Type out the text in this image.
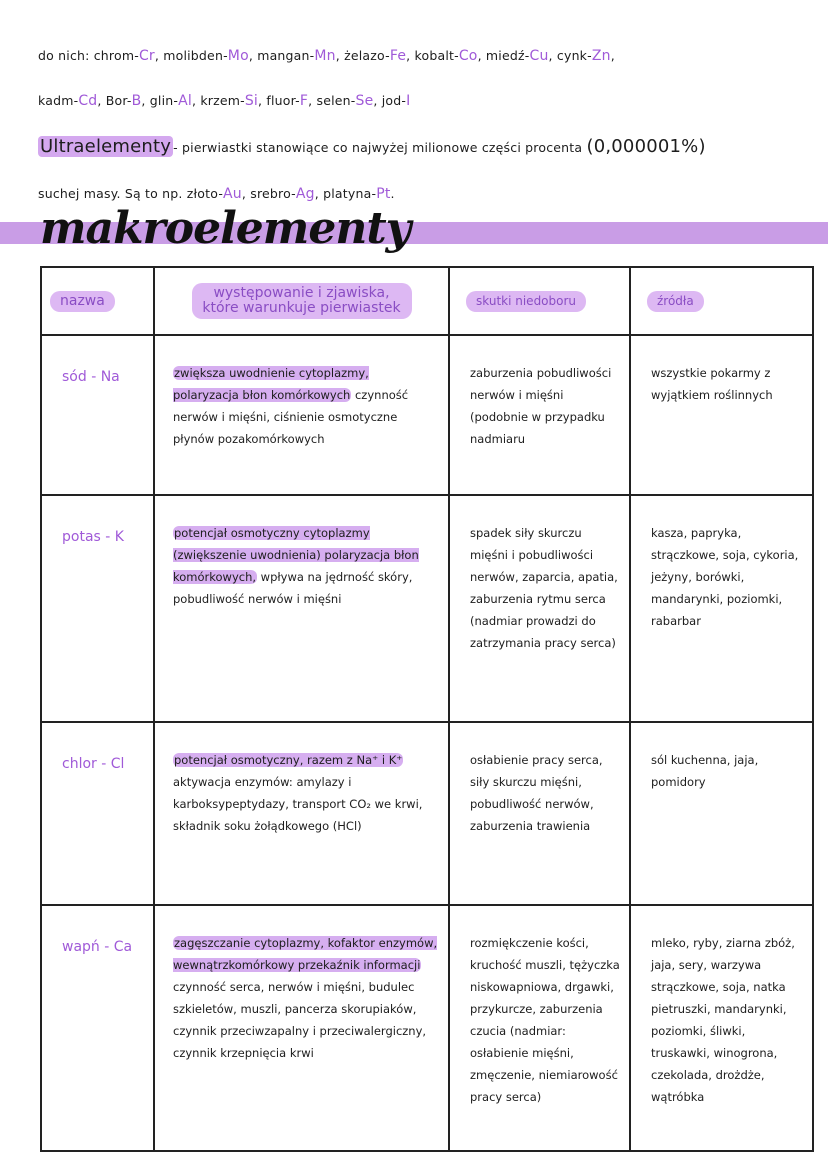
do nich: chrom-Cr, molibden-Mo, mangan-Mn, żelazo-Fe, kobalt-Co, miedź-Cu, cynk-Zn,
kadm-Cd, Bor-B, glin-Al, krzem-Si, fluor-F, selen-Se, jod-I
Ultraelementy - pierwiastki stanowiące co najwyżej milionowe części procenta (0,000001%)
suchej masy. Są to np. złoto-Au, srebro-Ag, platyna-Pt.
makroelementy
nazwa	występowanie i zjawiska, które warunkuje pierwiastek	skutki niedoboru	źródła

sód - Na	zwiększa uwodnienie cytoplazmy, polaryzacja błon komórkowych czynność nerwów i mięśni, ciśnienie osmotyczne płynów pozakomórkowych	zaburzenia pobudliwości nerwów i mięśni (podobnie w przypadku nadmiaru	wszystkie pokarmy z wyjątkiem roślinnych

potas - K	potencjał osmotyczny cytoplazmy (zwiększenie uwodnienia) polaryzacja błon komórkowych, wpływa na jędrność skóry, pobudliwość nerwów i mięśni	spadek siły skurczu mięśni i pobudliwości nerwów, zaparcia, apatia, zaburzenia rytmu serca (nadmiar prowadzi do zatrzymania pracy serca)	kasza, papryka, strączkowe, soja, cykoria, jeżyny, borówki, mandarynki, poziomki, rabarbar

chlor - Cl	potencjał osmotyczny, razem z Na⁺ i K⁺ aktywacja enzymów: amylazy i karboksypeptydazy, transport CO₂ we krwi, składnik soku żołądkowego (HCl)	osłabienie pracy serca, siły skurczu mięśni, pobudliwość nerwów, zaburzenia trawienia	sól kuchenna, jaja, pomidory

wapń - Ca	zagęszczanie cytoplazmy, kofaktor enzymów, wewnątrzkomórkowy przekaźnik informacji czynność serca, nerwów i mięśni, budulec szkieletów, muszli, pancerza skorupiaków, czynnik przeciwzapalny i przeciwalergiczny, czynnik krzepnięcia krwi	rozmiękczenie kości, kruchość muszli, tężyczka niskowapniowa, drgawki, przykurcze, zaburzenia czucia (nadmiar: osłabienie mięśni, zmęczenie, niemiarowość pracy serca)	mleko, ryby, ziarna zbóż, jaja, sery, warzywa strączkowe, soja, natka pietruszki, mandarynki, poziomki, śliwki, truskawki, winogrona, czekolada, drożdże, wątróbka
